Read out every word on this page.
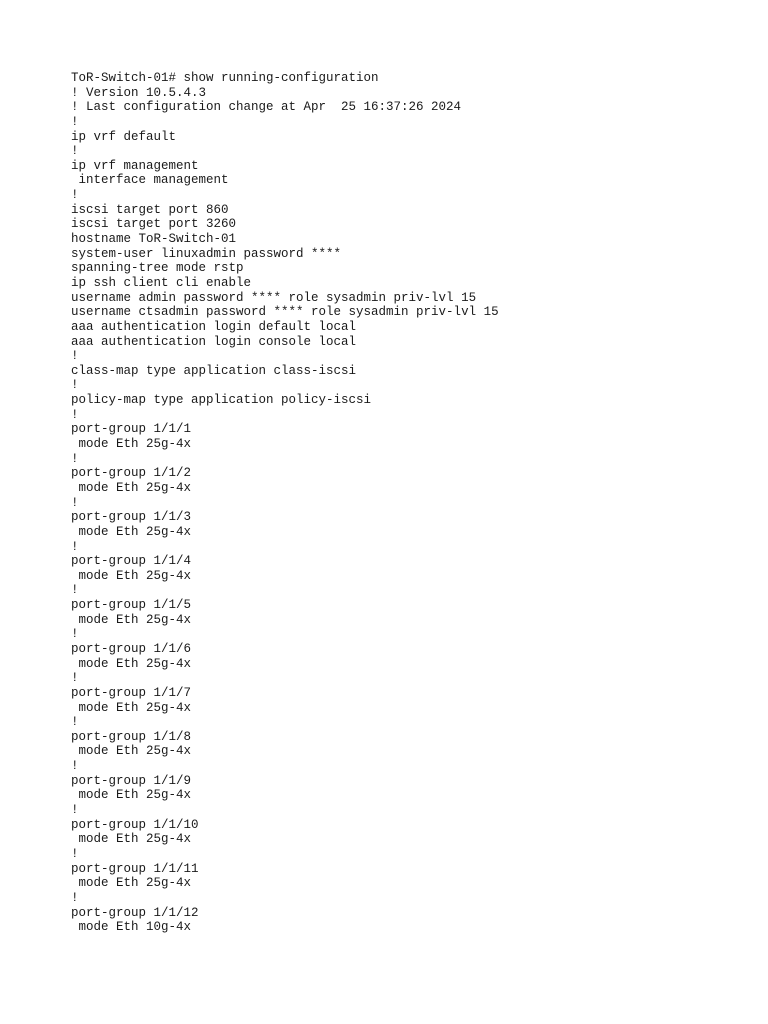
ToR-Switch-01# show running-configuration
! Version 10.5.4.3
! Last configuration change at Apr  25 16:37:26 2024
!
ip vrf default
!
ip vrf management
interface management
!
iscsi target port 860
iscsi target port 3260
hostname ToR-Switch-01
system-user linuxadmin password ****
spanning-tree mode rstp
ip ssh client cli enable
username admin password **** role sysadmin priv-lvl 15
username ctsadmin password **** role sysadmin priv-lvl 15
aaa authentication login default local
aaa authentication login console local
!
class-map type application class-iscsi
!
policy-map type application policy-iscsi
!
port-group 1/1/1
mode Eth 25g-4x
!
port-group 1/1/2
mode Eth 25g-4x
!
port-group 1/1/3
mode Eth 25g-4x
!
port-group 1/1/4
mode Eth 25g-4x
!
port-group 1/1/5
mode Eth 25g-4x
!
port-group 1/1/6
mode Eth 25g-4x
!
port-group 1/1/7
mode Eth 25g-4x
!
port-group 1/1/8
mode Eth 25g-4x
!
port-group 1/1/9
mode Eth 25g-4x
!
port-group 1/1/10
mode Eth 25g-4x
!
port-group 1/1/11
mode Eth 25g-4x
!
port-group 1/1/12
mode Eth 10g-4x
